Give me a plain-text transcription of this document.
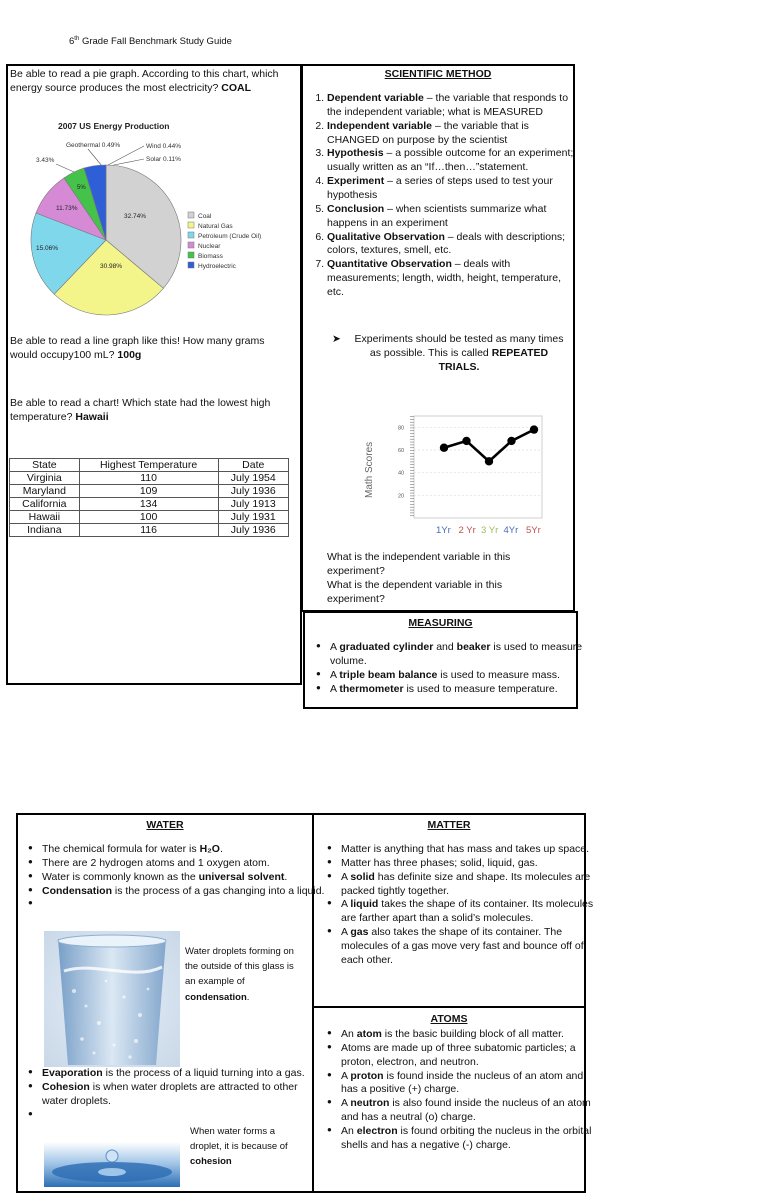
6th Grade Fall Benchmark Study Guide
Be able to read a pie graph. According to this chart, which energy source produces the most electricity? COAL
2007 US Energy Production
Geothermal 0.49%	Wind 0.44%
3.43%	Solar 0.11%
32.74%
30.98%
15.06%
11.73%
5%
Coal
Natural Gas
Petroleum (Crude Oil)
Nuclear
Biomass
Hydroelectric
Be able to read a line graph like this! How many grams would occupy100 mL? 100g
Be able to read a chart! Which state had the lowest high temperature? Hawaii
State	Highest Temperature	Date
Virginia	110	July 1954
Maryland	109	July 1936
California	134	July 1913
Hawaii	100	July 1931
Indiana	116	July 1936
SCIENTIFIC METHOD
1. Dependent variable – the variable that responds to the independent variable; what is MEASURED
2. Independent variable – the variable that is CHANGED on purpose by the scientist
3. Hypothesis – a possible outcome for an experiment; usually written as an “If…then…”statement.
4. Experiment – a series of steps used to test your hypothesis
5. Conclusion – when scientists summarize what happens in an experiment
6. Qualitative Observation – deals with descriptions; colors, textures, smell, etc.
7. Quantitative Observation – deals with measurements; length, width, height, temperature, etc.
➤	Experiments should be tested as many times as possible. This is called REPEATED TRIALS.
Math Scores
80
60
40
20
1Yr 2 Yr 3 Yr 4Yr 5Yr
What is the independent variable in this experiment?
What is the dependent variable in this experiment?
MEASURING
● A graduated cylinder and beaker is used to measure volume.
● A triple beam balance is used to measure mass.
● A thermometer is used to measure temperature.
WATER
● The chemical formula for water is H₂O.
● There are 2 hydrogen atoms and 1 oxygen atom.
● Water is commonly known as the universal solvent.
● Condensation is the process of a gas changing into a liquid.
●
Water droplets forming on the outside of this glass is an example of condensation.
● Evaporation is the process of a liquid turning into a gas.
● Cohesion is when water droplets are attracted to other water droplets.
●
When water forms a droplet, it is because of cohesion
MATTER
● Matter is anything that has mass and takes up space.
● Matter has three phases; solid, liquid, gas.
● A solid has definite size and shape. Its molecules are packed tightly together.
● A liquid takes the shape of its container. Its molecules are farther apart than a solid’s molecules.
● A gas also takes the shape of its container. The molecules of a gas move very fast and bounce off of each other.
ATOMS
● An atom is the basic building block of all matter.
● Atoms are made up of three subatomic particles; a proton, electron, and neutron.
● A proton is found inside the nucleus of an atom and has a positive (+) charge.
● A neutron is also found inside the nucleus of an atom and has a neutral (o) charge.
● An electron is found orbiting the nucleus in the orbital shells and has a negative (-) charge.
